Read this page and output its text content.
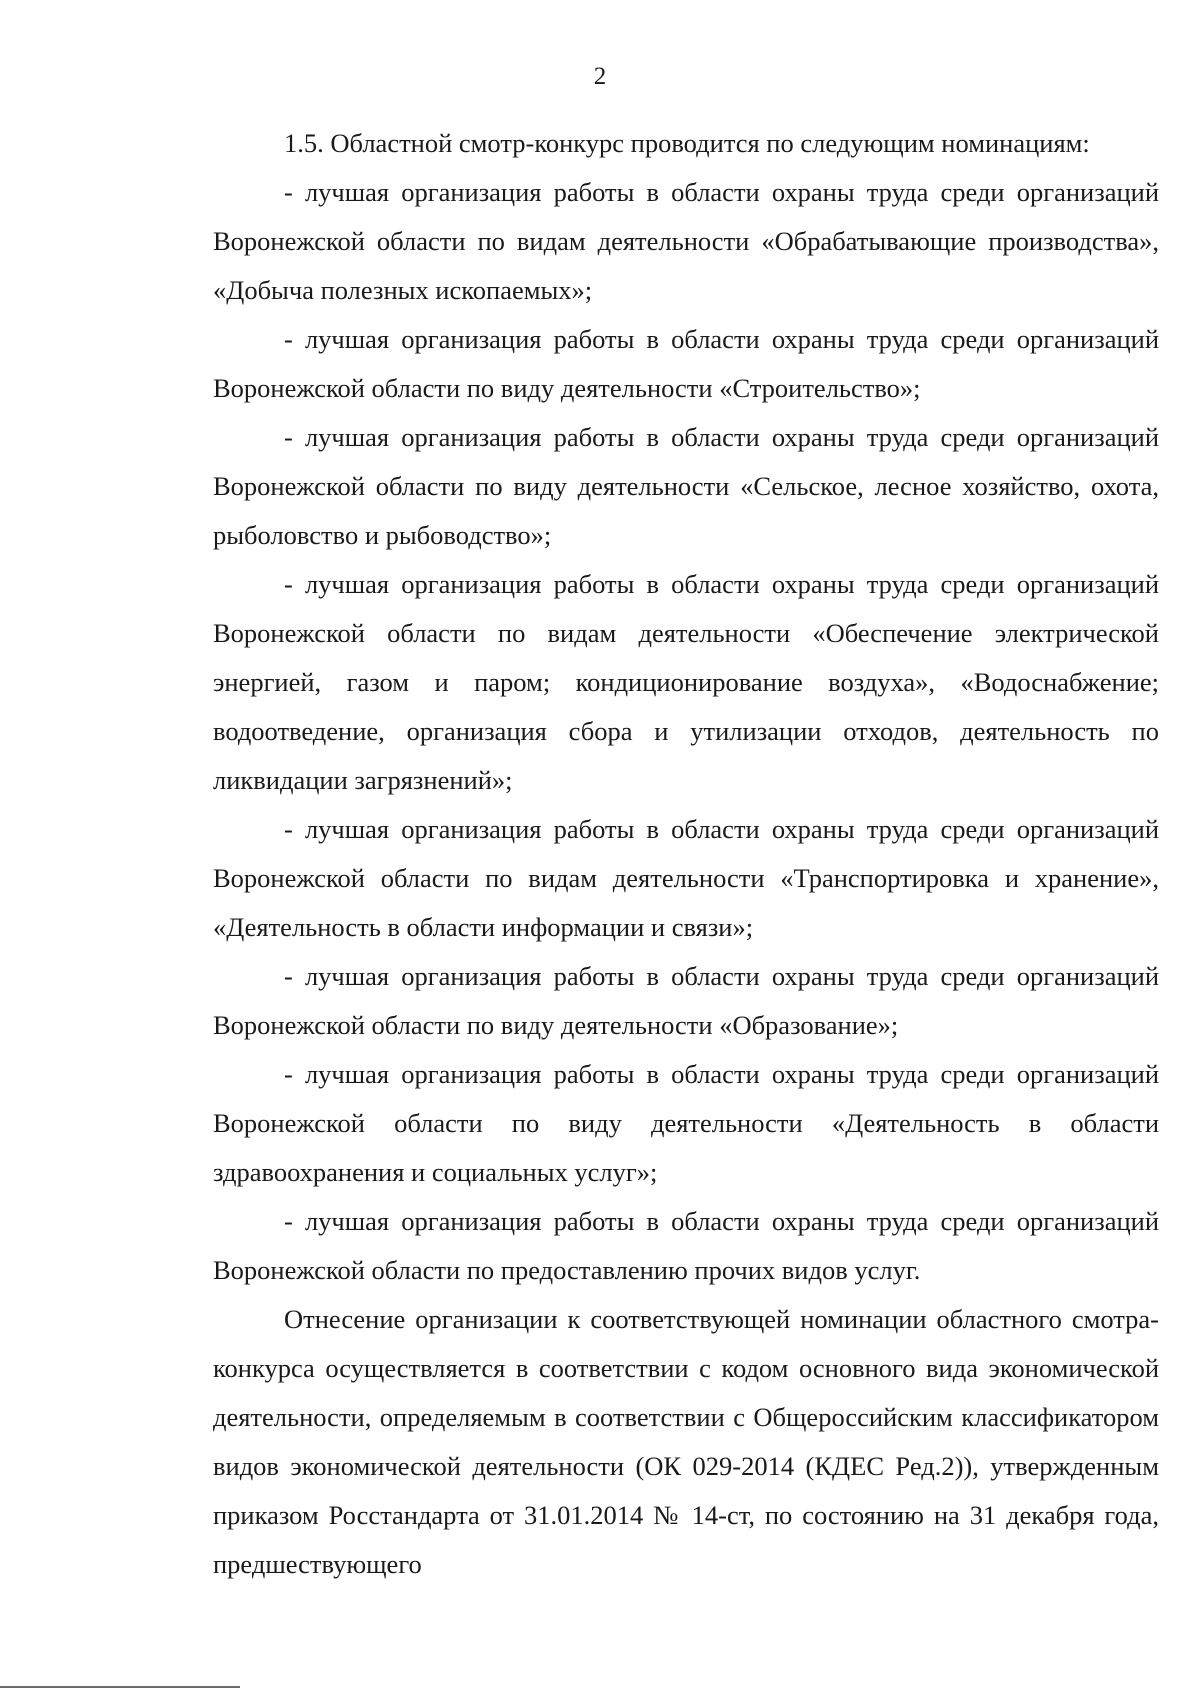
2

1.5. Областной смотр-конкурс проводится по следующим номинациям:

- лучшая организация работы в области охраны труда среди организаций Воронежской области по видам деятельности «Обрабатывающие производства», «Добыча полезных ископаемых»;

- лучшая организация работы в области охраны труда среди организаций Воронежской области по виду деятельности «Строительство»;

- лучшая организация работы в области охраны труда среди организаций Воронежской области по виду деятельности «Сельское, лесное хозяйство, охота, рыболовство и рыбоводство»;

- лучшая организация работы в области охраны труда среди организаций Воронежской области по видам деятельности «Обеспечение электрической энергией, газом и паром; кондиционирование воздуха», «Водоснабжение; водоотведение, организация сбора и утилизации отходов, деятельность по ликвидации загрязнений»;

- лучшая организация работы в области охраны труда среди организаций Воронежской области по видам деятельности «Транспортировка и хранение», «Деятельность в области информации и связи»;

- лучшая организация работы в области охраны труда среди организаций Воронежской области по виду деятельности «Образование»;

- лучшая организация работы в области охраны труда среди организаций Воронежской области по виду деятельности «Деятельность в области здравоохранения и социальных услуг»;

- лучшая организация работы в области охраны труда среди организаций Воронежской области по предоставлению прочих видов услуг.

Отнесение организации к соответствующей номинации областного смотра-конкурса осуществляется в соответствии с кодом основного вида экономической деятельности, определяемым в соответствии с Общероссийским классификатором видов экономической деятельности (ОК 029-2014 (КДЕС Ред.2)), утвержденным приказом Росстандарта от 31.01.2014 № 14-ст, по состоянию на 31 декабря года, предшествующего
